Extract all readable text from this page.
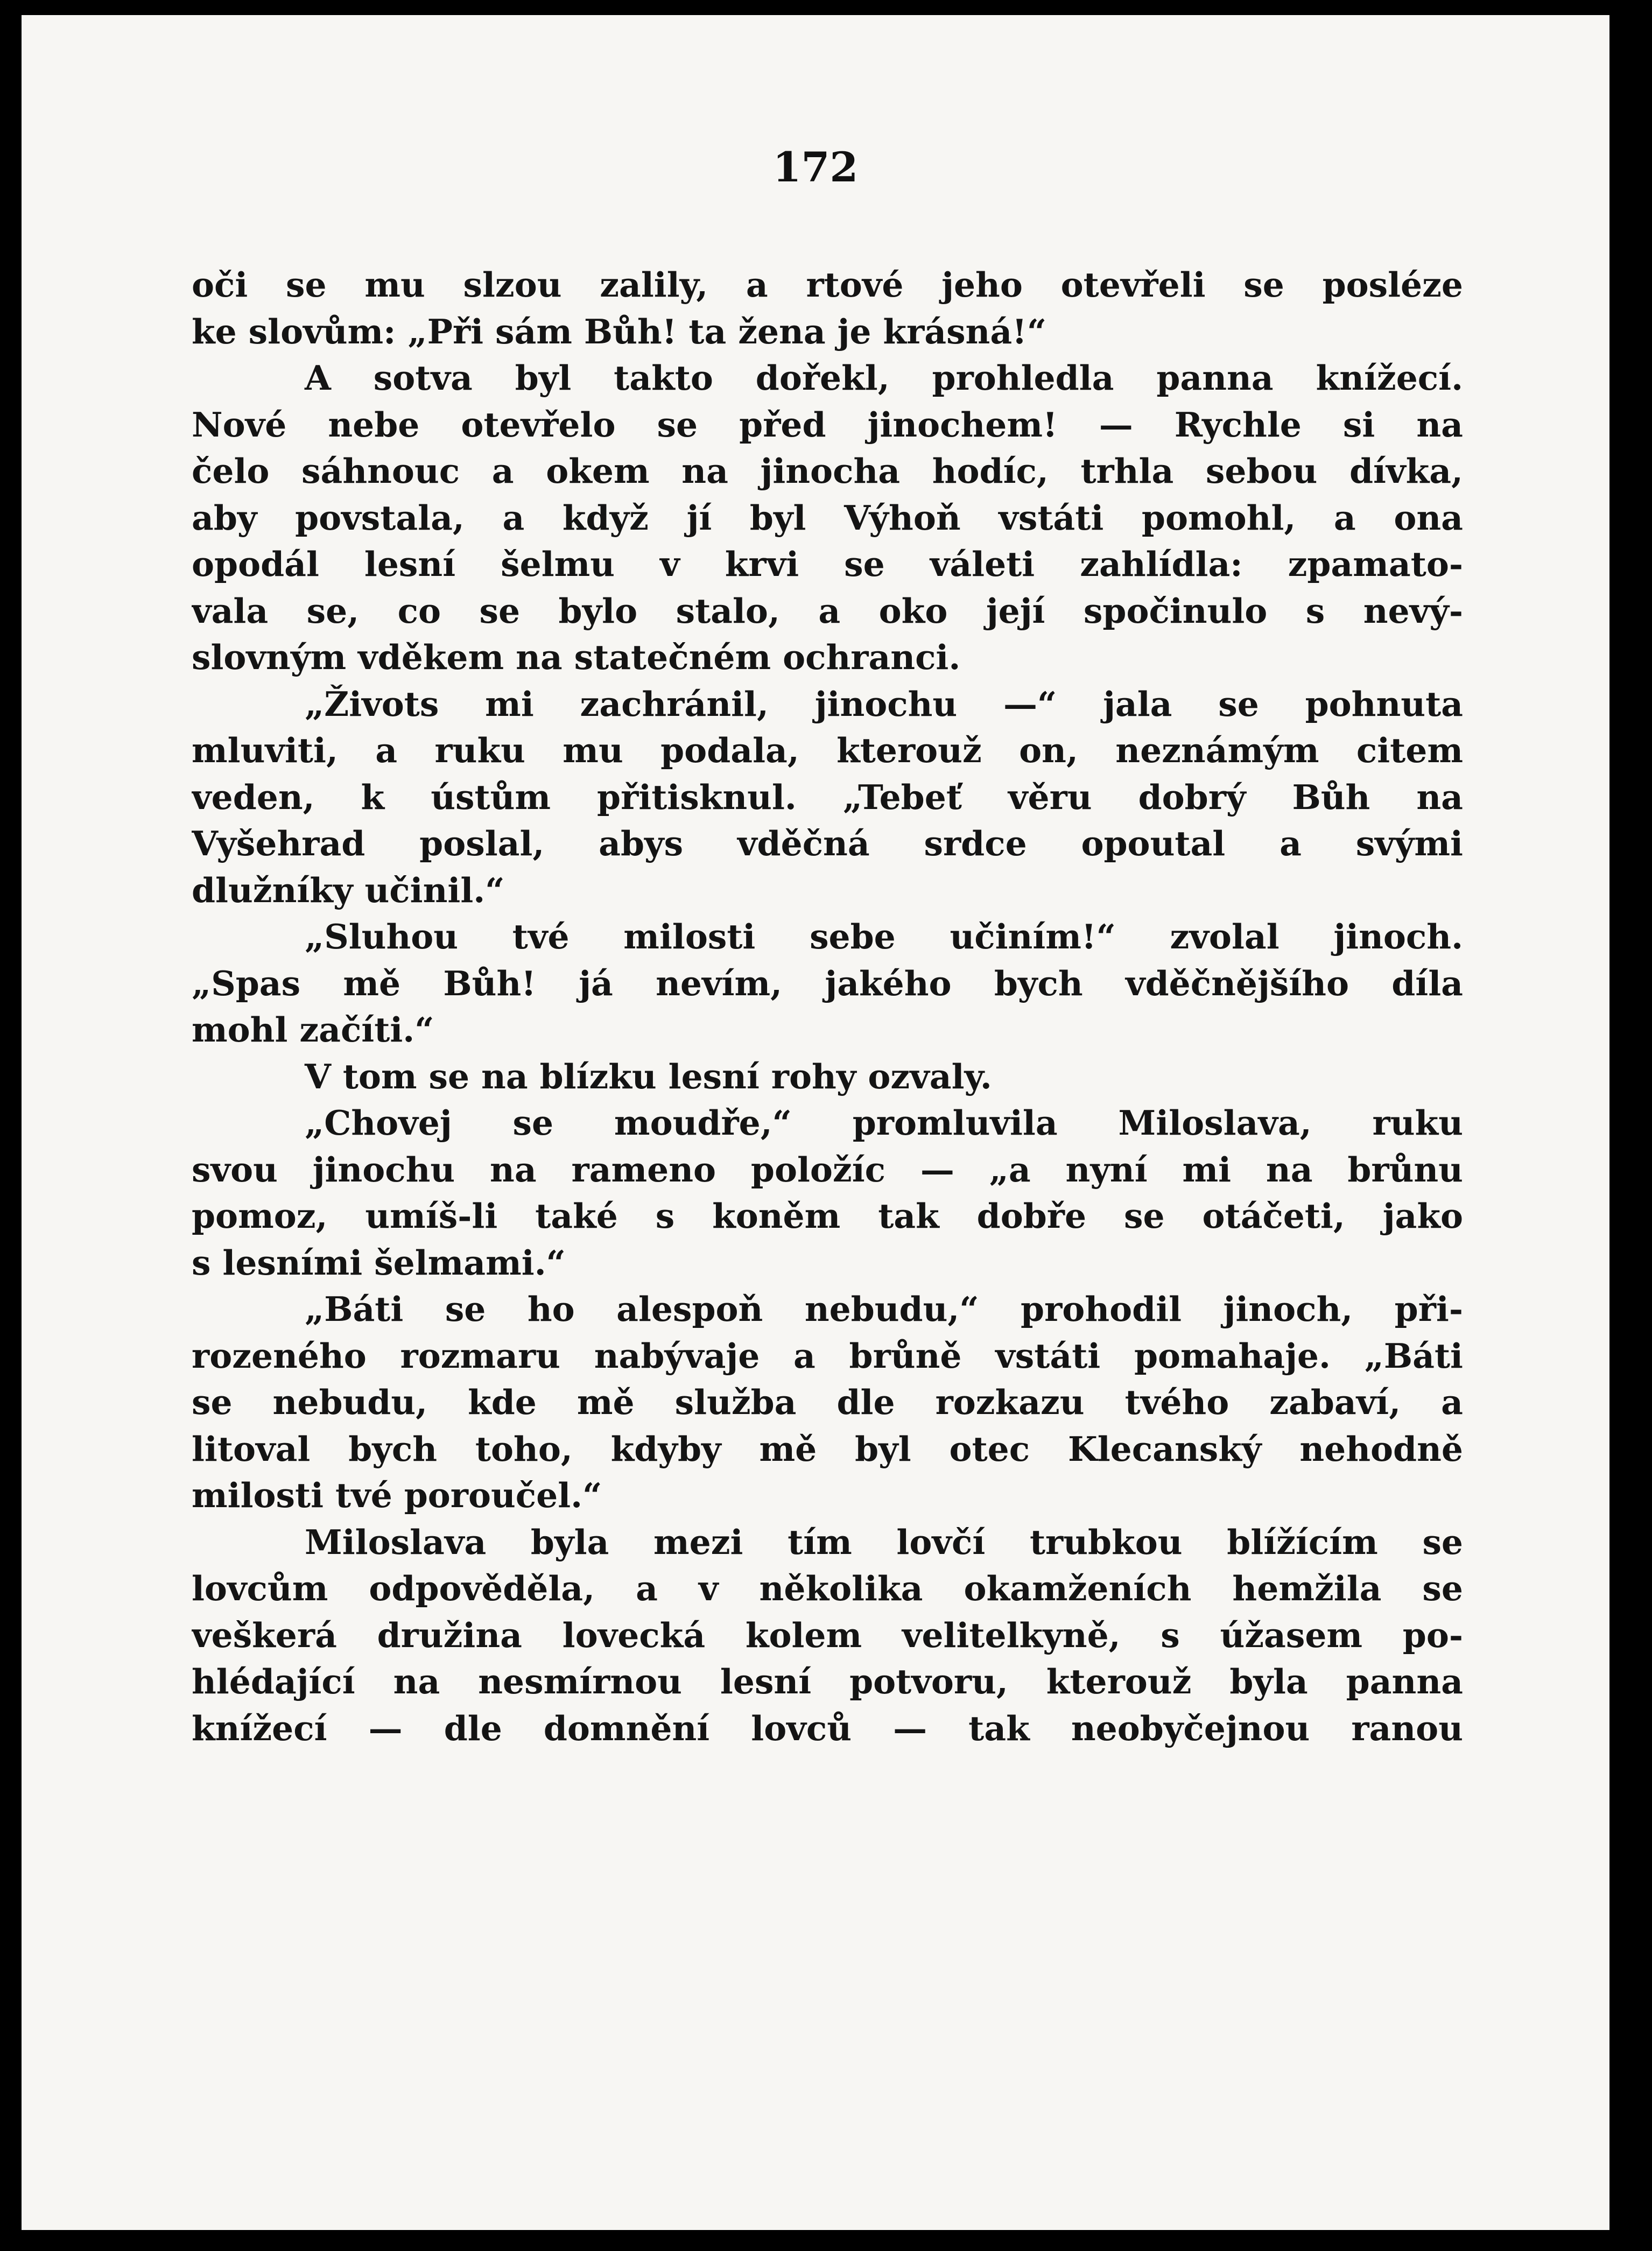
172
oči se mu slzou zalily, a rtové jeho otevřeli se posléze
ke slovům: „Při sám Bůh! ta žena je krásná!“
A sotva byl takto dořekl, prohledla panna knížecí.
Nové nebe otevřelo se před jinochem! — Rychle si na
čelo sáhnouc a okem na jinocha hodíc, trhla sebou dívka,
aby povstala, a když jí byl Výhoň vstáti pomohl, a ona
opodál lesní šelmu v krvi se váleti zahlídla: zpamato-
vala se, co se bylo stalo, a oko její spočinulo s nevý-
slovným vděkem na statečném ochranci.
„Živots mi zachránil, jinochu —“ jala se pohnuta
mluviti, a ruku mu podala, kterouž on, neznámým citem
veden, k ústům přitisknul. „Tebeť věru dobrý Bůh na
Vyšehrad poslal, abys vděčná srdce opoutal a svými
dlužníky učinil.“
„Sluhou tvé milosti sebe učiním!“ zvolal jinoch.
„Spas mě Bůh! já nevím, jakého bych vděčnějšího díla
mohl začíti.“
V tom se na blízku lesní rohy ozvaly.
„Chovej se moudře,“ promluvila Miloslava, ruku
svou jinochu na rameno položíc — „a nyní mi na brůnu
pomoz, umíš-li také s koněm tak dobře se otáčeti, jako
s lesními šelmami.“
„Báti se ho alespoň nebudu,“ prohodil jinoch, při-
rozeného rozmaru nabývaje a brůně vstáti pomahaje. „Báti
se nebudu, kde mě služba dle rozkazu tvého zabaví, a
litoval bych toho, kdyby mě byl otec Klecanský nehodně
milosti tvé poroučel.“
Miloslava byla mezi tím lovčí trubkou blížícím se
lovcům odpověděla, a v několika okamženích hemžila se
veškerá družina lovecká kolem velitelkyně, s úžasem po-
hlédající na nesmírnou lesní potvoru, kterouž byla panna
knížecí — dle domnění lovců — tak neobyčejnou ranou
